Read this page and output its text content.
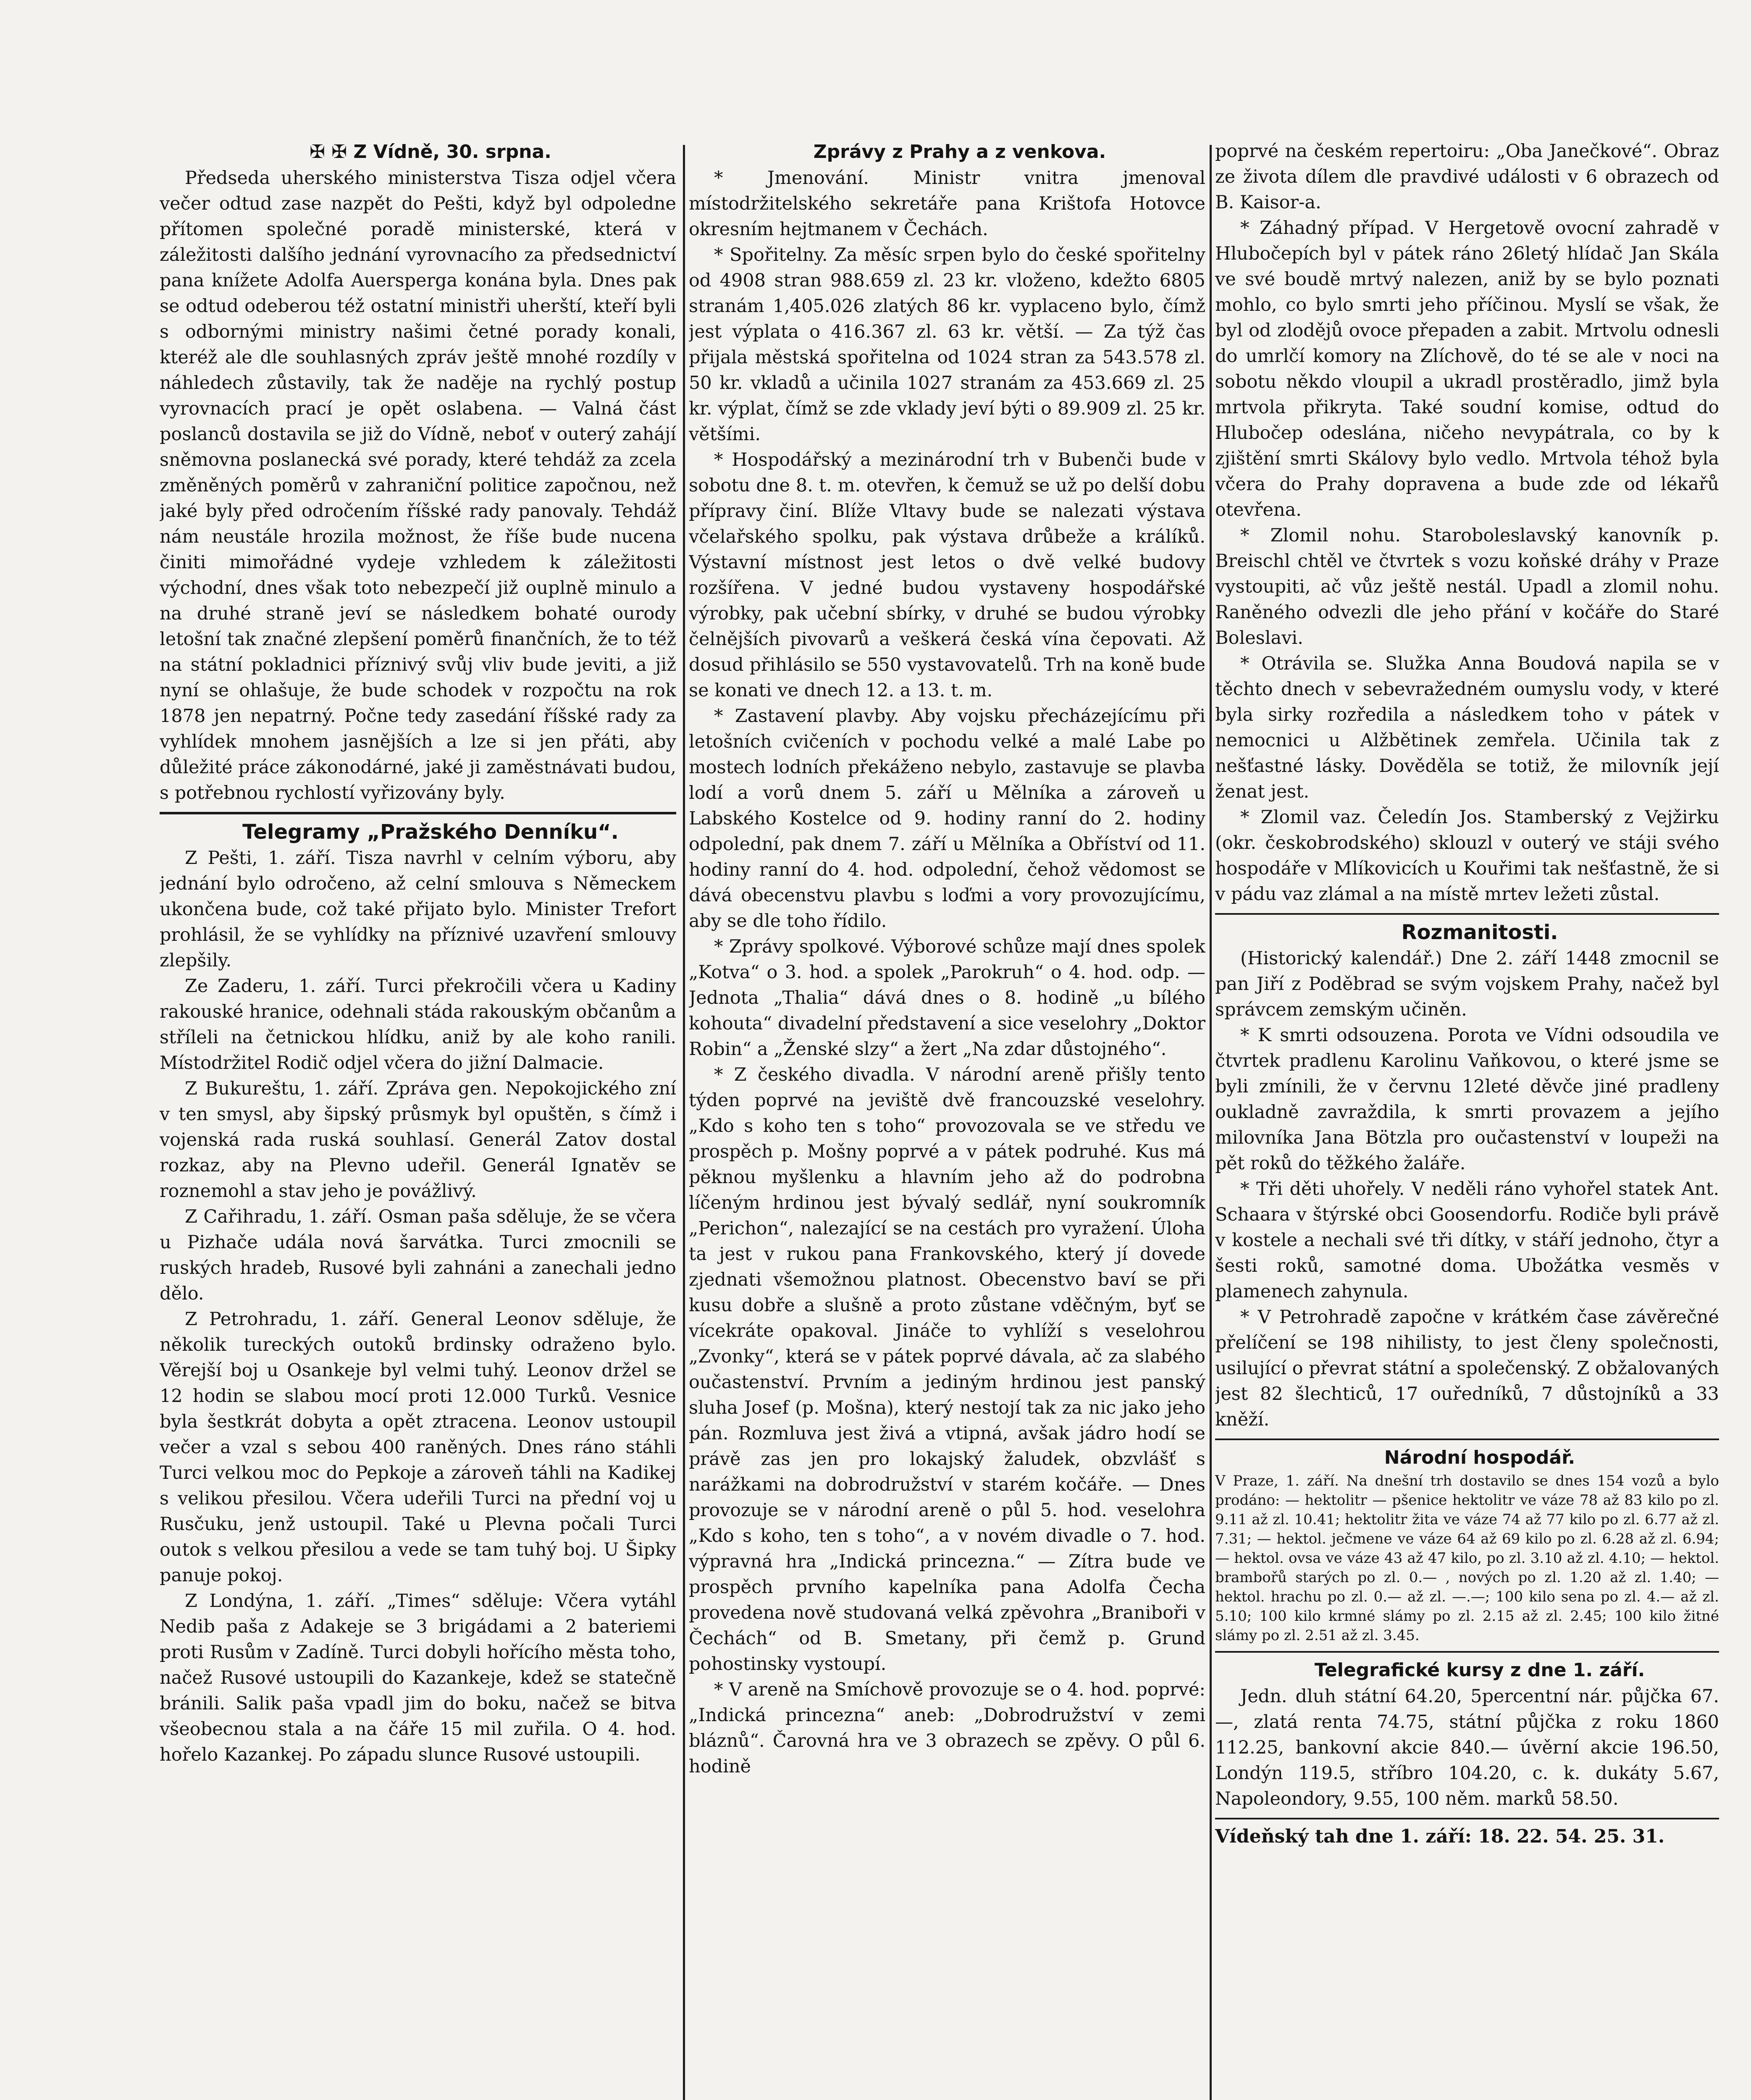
✠ ✠ Z Vídně, 30. srpna.

Předseda uherského ministerstva Tisza odjel včera večer odtud zase nazpět do Pešti, když byl odpoledne přítomen společné poradě ministerské, která v záležitosti dalšího jednání vyrovnacího za předsednictví pana knížete Adolfa Auersperga konána byla. Dnes pak se odtud odeberou též ostatní ministři uherští, kteří byli s odbornými ministry našimi četné porady konali, kteréž ale dle souhlasných zpráv ještě mnohé rozdíly v náhledech zůstavily, tak že naděje na rychlý postup vyrovnacích prací je opět oslabena. — Valná část poslanců dostavila se již do Vídně, neboť v outerý zahájí sněmovna poslanecká své porady, které tehdáž za zcela změněných poměrů v zahraniční politice započnou, než jaké byly před odročením říšské rady panovaly. Tehdáž nám neustále hrozila možnost, že říše bude nucena činiti mimořádné vydeje vzhledem k záležitosti východní, dnes však toto nebezpečí již ouplně minulo a na druhé straně jeví se následkem bohaté ourody letošní tak značné zlepšení poměrů finančních, že to též na státní pokladnici příznivý svůj vliv bude jeviti, a již nyní se ohlašuje, že bude schodek v rozpočtu na rok 1878 jen nepatrný. Počne tedy zasedání říšské rady za vyhlídek mnohem jasnějších a lze si jen přáti, aby důležité práce zákonodárné, jaké ji zaměstnávati budou, s potřebnou rychlostí vyřizovány byly.

Telegramy „Pražského Denníku“.

Z Pešti, 1. září. Tisza navrhl v celním výboru, aby jednání bylo odročeno, až celní smlouva s Německem ukončena bude, což také přijato bylo. Minister Trefort prohlásil, že se vyhlídky na příznivé uzavření smlouvy zlepšily.

Ze Zaderu, 1. září. Turci překročili včera u Kadiny rakouské hranice, odehnali stáda rakouským občanům a stříleli na četnickou hlídku, aniž by ale koho ranili. Místodržitel Rodič odjel včera do jižní Dalmacie.

Z Bukureštu, 1. září. Zpráva gen. Nepokojického zní v ten smysl, aby šipský průsmyk byl opuštěn, s čímž i vojenská rada ruská souhlasí. Generál Zatov dostal rozkaz, aby na Plevno udeřil. Generál Ignatěv se roznemohl a stav jeho je povážlivý.

Z Cařihradu, 1. září. Osman paša sděluje, že se včera u Pizhače udála nová šarvátka. Turci zmocnili se ruských hradeb, Rusové byli zahnáni a zanechali jedno dělo.

Z Petrohradu, 1. září. General Leonov sděluje, že několik tureckých outoků brdinsky odraženo bylo. Věrejší boj u Osankeje byl velmi tuhý. Leonov držel se 12 hodin se slabou mocí proti 12.000 Turků. Vesnice byla šestkrát dobyta a opět ztracena. Leonov ustoupil večer a vzal s sebou 400 raněných. Dnes ráno stáhli Turci velkou moc do Pepkoje a zároveň táhli na Kadikej s velikou přesilou. Včera udeřili Turci na přední voj u Rusčuku, jenž ustoupil. Také u Plevna počali Turci outok s velkou přesilou a vede se tam tuhý boj. U Šipky panuje pokoj.

Z Londýna, 1. září. „Times“ sděluje: Včera vytáhl Nedib paša z Adakeje se 3 brigádami a 2 bateriemi proti Rusům v Zadíně. Turci dobyli hořícího města toho, načež Rusové ustoupili do Kazankeje, kdež se statečně bránili. Salik paša vpadl jim do boku, načež se bitva všeobecnou stala a na čáře 15 mil zuřila. O 4. hod. hořelo Kazankej. Po západu slunce Rusové ustoupili.

Zprávy z Prahy a z venkova.

* Jmenování. Ministr vnitra jmenoval místodržitelského sekretáře pana Krištofa Hotovce okresním hejtmanem v Čechách.

* Spořitelny. Za měsíc srpen bylo do české spořitelny od 4908 stran 988.659 zl. 23 kr. vloženo, kdežto 6805 stranám 1,405.026 zlatých 86 kr. vyplaceno bylo, čímž jest výplata o 416.367 zl. 63 kr. větší. — Za týž čas přijala městská spořitelna od 1024 stran za 543.578 zl. 50 kr. vkladů a učinila 1027 stranám za 453.669 zl. 25 kr. výplat, čímž se zde vklady jeví býti o 89.909 zl. 25 kr. většími.

* Hospodářský a mezinárodní trh v Bubenči bude v sobotu dne 8. t. m. otevřen, k čemuž se už po delší dobu přípravy činí. Blíže Vltavy bude se nalezati výstava včelařského spolku, pak výstava drůbeže a králíků. Výstavní místnost jest letos o dvě velké budovy rozšířena. V jedné budou vystaveny hospodářské výrobky, pak učební sbírky, v druhé se budou výrobky čelnějších pivovarů a veškerá česká vína čepovati. Až dosud přihlásilo se 550 vystavovatelů. Trh na koně bude se konati ve dnech 12. a 13. t. m.

* Zastavení plavby. Aby vojsku přecházejícímu při letošních cvičeních v pochodu velké a malé Labe po mostech lodních překáženo nebylo, zastavuje se plavba lodí a vorů dnem 5. září u Mělníka a zároveň u Labského Kostelce od 9. hodiny ranní do 2. hodiny odpolední, pak dnem 7. září u Mělníka a Obříství od 11. hodiny ranní do 4. hod. odpolední, čehož vědomost se dává obecenstvu plavbu s loďmi a vory provozujícímu, aby se dle toho řídilo.

* Zprávy spolkové. Výborové schůze mají dnes spolek „Kotva“ o 3. hod. a spolek „Parokruh“ o 4. hod. odp. — Jednota „Thalia“ dává dnes o 8. hodině „u bílého kohouta“ divadelní představení a sice veselohry „Doktor Robin“ a „Ženské slzy“ a žert „Na zdar důstojného“.

* Z českého divadla. V národní areně přišly tento týden poprvé na jeviště dvě francouzské veselohry. „Kdo s koho ten s toho“ provozovala se ve středu ve prospěch p. Mošny poprvé a v pátek podruhé. Kus má pěknou myšlenku a hlavním jeho až do podrobna líčeným hrdinou jest bývalý sedlář, nyní soukromník „Perichon“, nalezající se na cestách pro vyražení. Úloha ta jest v rukou pana Frankovského, který jí dovede zjednati všemožnou platnost. Obecenstvo baví se při kusu dobře a slušně a proto zůstane vděčným, byť se vícekráte opakoval. Jináče to vyhlíží s veselohrou „Zvonky“, která se v pátek poprvé dávala, ač za slabého oučastenství. Prvním a jediným hrdinou jest panský sluha Josef (p. Mošna), který nestojí tak za nic jako jeho pán. Rozmluva jest živá a vtipná, avšak jádro hodí se právě zas jen pro lokajský žaludek, obzvlášť s narážkami na dobrodružství v starém kočáře. — Dnes provozuje se v národní areně o půl 5. hod. veselohra „Kdo s koho, ten s toho“, a v novém divadle o 7. hod. výpravná hra „Indická princezna.“ — Zítra bude ve prospěch prvního kapelníka pana Adolfa Čecha provedena nově studovaná velká zpěvohra „Braniboři v Čechách“ od B. Smetany, při čemž p. Grund pohostinsky vystoupí.

* V areně na Smíchově provozuje se o 4. hod. poprvé: „Indická princezna“ aneb: „Dobrodružství v zemi bláznů“. Čarovná hra ve 3 obrazech se zpěvy. O půl 6. hodině

poprvé na českém repertoiru: „Oba Janečkové“. Obraz ze života dílem dle pravdivé události v 6 obrazech od B. Kaisor-a.

* Záhadný případ. V Hergetově ovocní zahradě v Hlubočepích byl v pátek ráno 26letý hlídač Jan Skála ve své boudě mrtvý nalezen, aniž by se bylo poznati mohlo, co bylo smrti jeho příčinou. Myslí se však, že byl od zlodějů ovoce přepaden a zabit. Mrtvolu odnesli do umrlčí komory na Zlíchově, do té se ale v noci na sobotu někdo vloupil a ukradl prostěradlo, jimž byla mrtvola přikryta. Také soudní komise, odtud do Hlubočep odeslána, ničeho nevypátrala, co by k zjištění smrti Skálovy bylo vedlo. Mrtvola téhož byla včera do Prahy dopravena a bude zde od lékařů otevřena.

* Zlomil nohu. Staroboleslavský kanovník p. Breischl chtěl ve čtvrtek s vozu koňské dráhy v Praze vystoupiti, ač vůz ještě nestál. Upadl a zlomil nohu. Raněného odvezli dle jeho přání v kočáře do Staré Boleslavi.

* Otrávila se. Služka Anna Boudová napila se v těchto dnech v sebevražedném oumyslu vody, v které byla sirky rozředila a následkem toho v pátek v nemocnici u Alžbětinek zemřela. Učinila tak z nešťastné lásky. Dověděla se totiž, že milovník její ženat jest.

* Zlomil vaz. Čeledín Jos. Stamberský z Vejžirku (okr. českobrodského) sklouzl v outerý ve stáji svého hospodáře v Mlíkovicích u Kouřimi tak nešťastně, že si v pádu vaz zlámal a na místě mrtev ležeti zůstal.

Rozmanitosti.

(Historický kalendář.) Dne 2. září 1448 zmocnil se pan Jiří z Poděbrad se svým vojskem Prahy, načež byl správcem zemským učiněn.

* K smrti odsouzena. Porota ve Vídni odsoudila ve čtvrtek pradlenu Karolinu Vaňkovou, o které jsme se byli zmínili, že v červnu 12leté děvče jiné pradleny oukladně zavraždila, k smrti provazem a jejího milovníka Jana Bötzla pro oučastenství v loupeži na pět roků do těžkého žaláře.

* Tři děti uhořely. V neděli ráno vyhořel statek Ant. Schaara v štýrské obci Goosendorfu. Rodiče byli právě v kostele a nechali své tři dítky, v stáří jednoho, čtyr a šesti roků, samotné doma. Ubožátka vesměs v plamenech zahynula.

* V Petrohradě započne v krátkém čase závěrečné přelíčení se 198 nihilisty, to jest členy společnosti, usilující o převrat státní a společenský. Z obžalovaných jest 82 šlechticů, 17 ouředníků, 7 důstojníků a 33 kněží.

Národní hospodář.

V Praze, 1. září. Na dnešní trh dostavilo se dnes 154 vozů a bylo prodáno: — hektolitr — pšenice hektolitr ve váze 78 až 83 kilo po zl. 9.11 až zl. 10.41; hektolitr žita ve váze 74 až 77 kilo po zl. 6.77 až zl. 7.31; — hektol. ječmene ve váze 64 až 69 kilo po zl. 6.28 až zl. 6.94; — hektol. ovsa ve váze 43 až 47 kilo, po zl. 3.10 až zl. 4.10; — hektol. brambořů starých po zl. 0.— , nových po zl. 1.20 až zl. 1.40; — hektol. hrachu po zl. 0.— až zl. —.—; 100 kilo sena po zl. 4.— až zl. 5.10; 100 kilo krmné slámy po zl. 2.15 až zl. 2.45; 100 kilo žitné slámy po zl. 2.51 až zl. 3.45.

Telegrafické kursy z dne 1. září.

Jedn. dluh státní 64.20, 5percentní nár. půjčka 67.—, zlatá renta 74.75, státní půjčka z roku 1860 112.25, bankovní akcie 840.— úvěrní akcie 196.50, Londýn 119.5, stříbro 104.20, c. k. dukáty 5.67, Napoleondory, 9.55, 100 něm. marků 58.50.

Vídeňský tah dne 1. září: 18. 22. 54. 25. 31.
